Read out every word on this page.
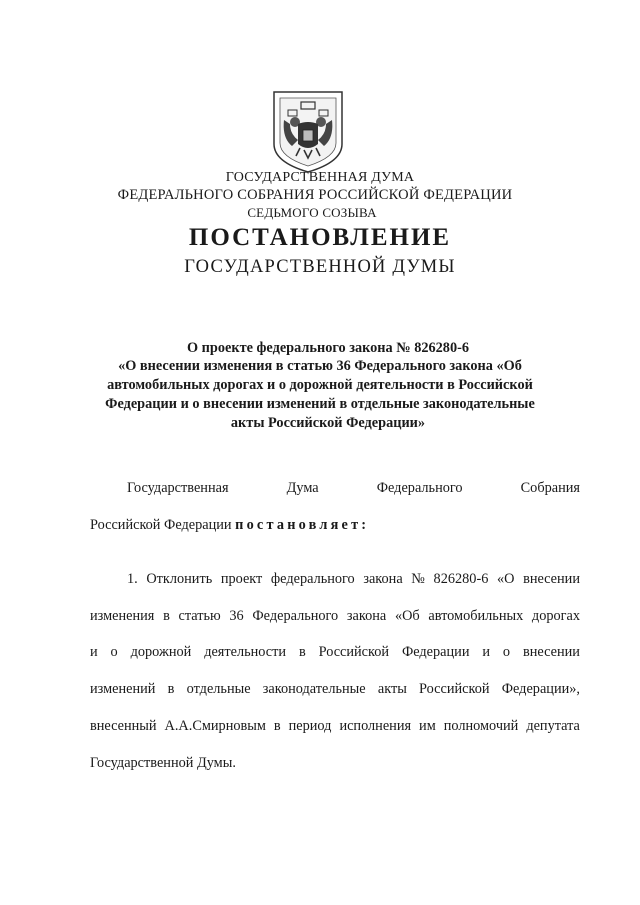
ГОСУДАРСТВЕННАЯ ДУМА
ФЕДЕРАЛЬНОГО СОБРАНИЯ РОССИЙСКОЙ ФЕДЕРАЦИИ
СЕДЬМОГО СОЗЫВА
ПОСТАНОВЛЕНИЕ
ГОСУДАРСТВЕННОЙ ДУМЫ
О проекте федерального закона № 826280-6
«О внесении изменения в статью 36 Федерального закона «Об
автомобильных дорогах и о дорожной деятельности в Российской
Федерации и о внесении изменений в отдельные законодательные
акты Российской Федерации»
Государственная	Дума	Федерального	Собрания
Российской Федерации постановляет:
1. Отклонить проект федерального закона № 826280-6 «О внесении
изменения в статью 36 Федерального закона «Об автомобильных дорогах
и о дорожной деятельности в Российской Федерации и о внесении
изменений в отдельные законодательные акты Российской Федерации»,
внесенный А.А.Смирновым в период исполнения им полномочий депутата
Государственной Думы.
